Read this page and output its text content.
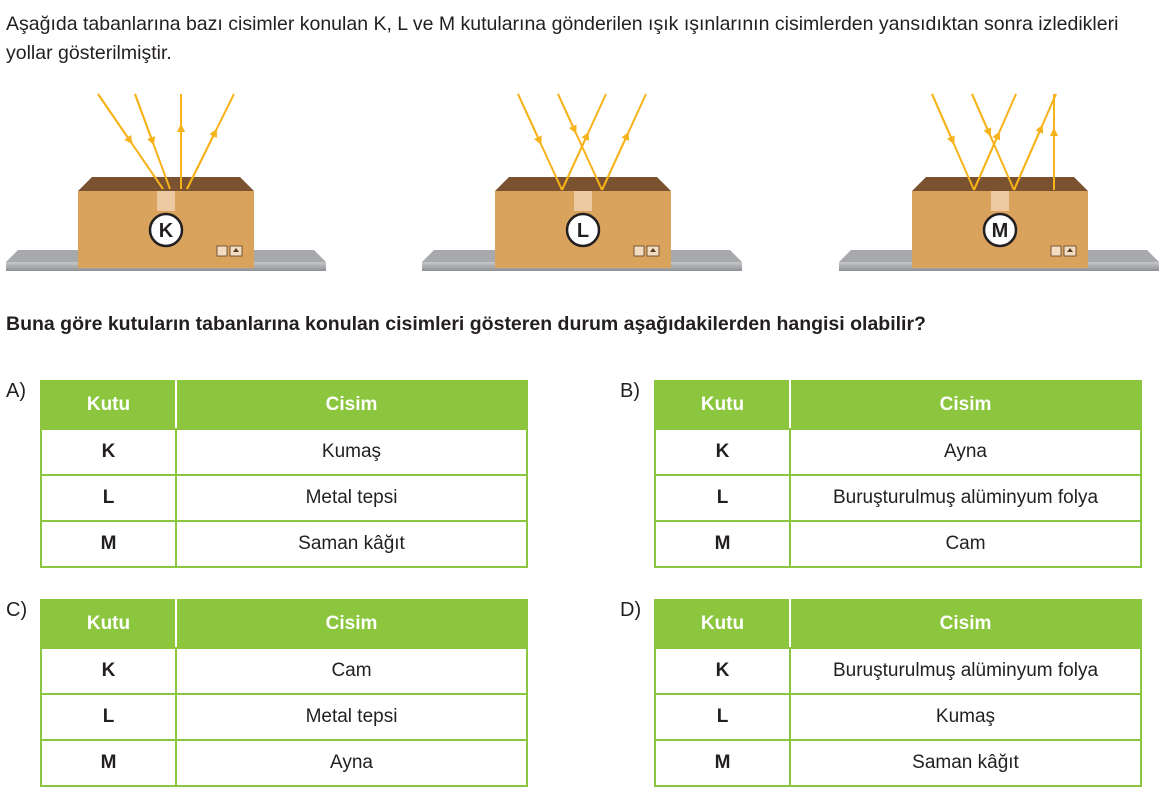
Aşağıda tabanlarına bazı cisimler konulan K, L ve M kutularına gönderilen ışık ışınlarının cisimlerden yansıdıktan sonra izledikleri yollar gösterilmiştir.

K	L	M

Buna göre kutuların tabanlarına konulan cisimleri gösteren durum aşağıdakilerden hangisi olabilir?

A)
Kutu	Cisim
K	Kumaş
L	Metal tepsi
M	Saman kâğıt
B)
Kutu	Cisim
K	Ayna
L	Buruşturulmuş alüminyum folya
M	Cam
C)
Kutu	Cisim
K	Cam
L	Metal tepsi
M	Ayna
D)
Kutu	Cisim
K	Buruşturulmuş alüminyum folya
L	Kumaş
M	Saman kâğıt
